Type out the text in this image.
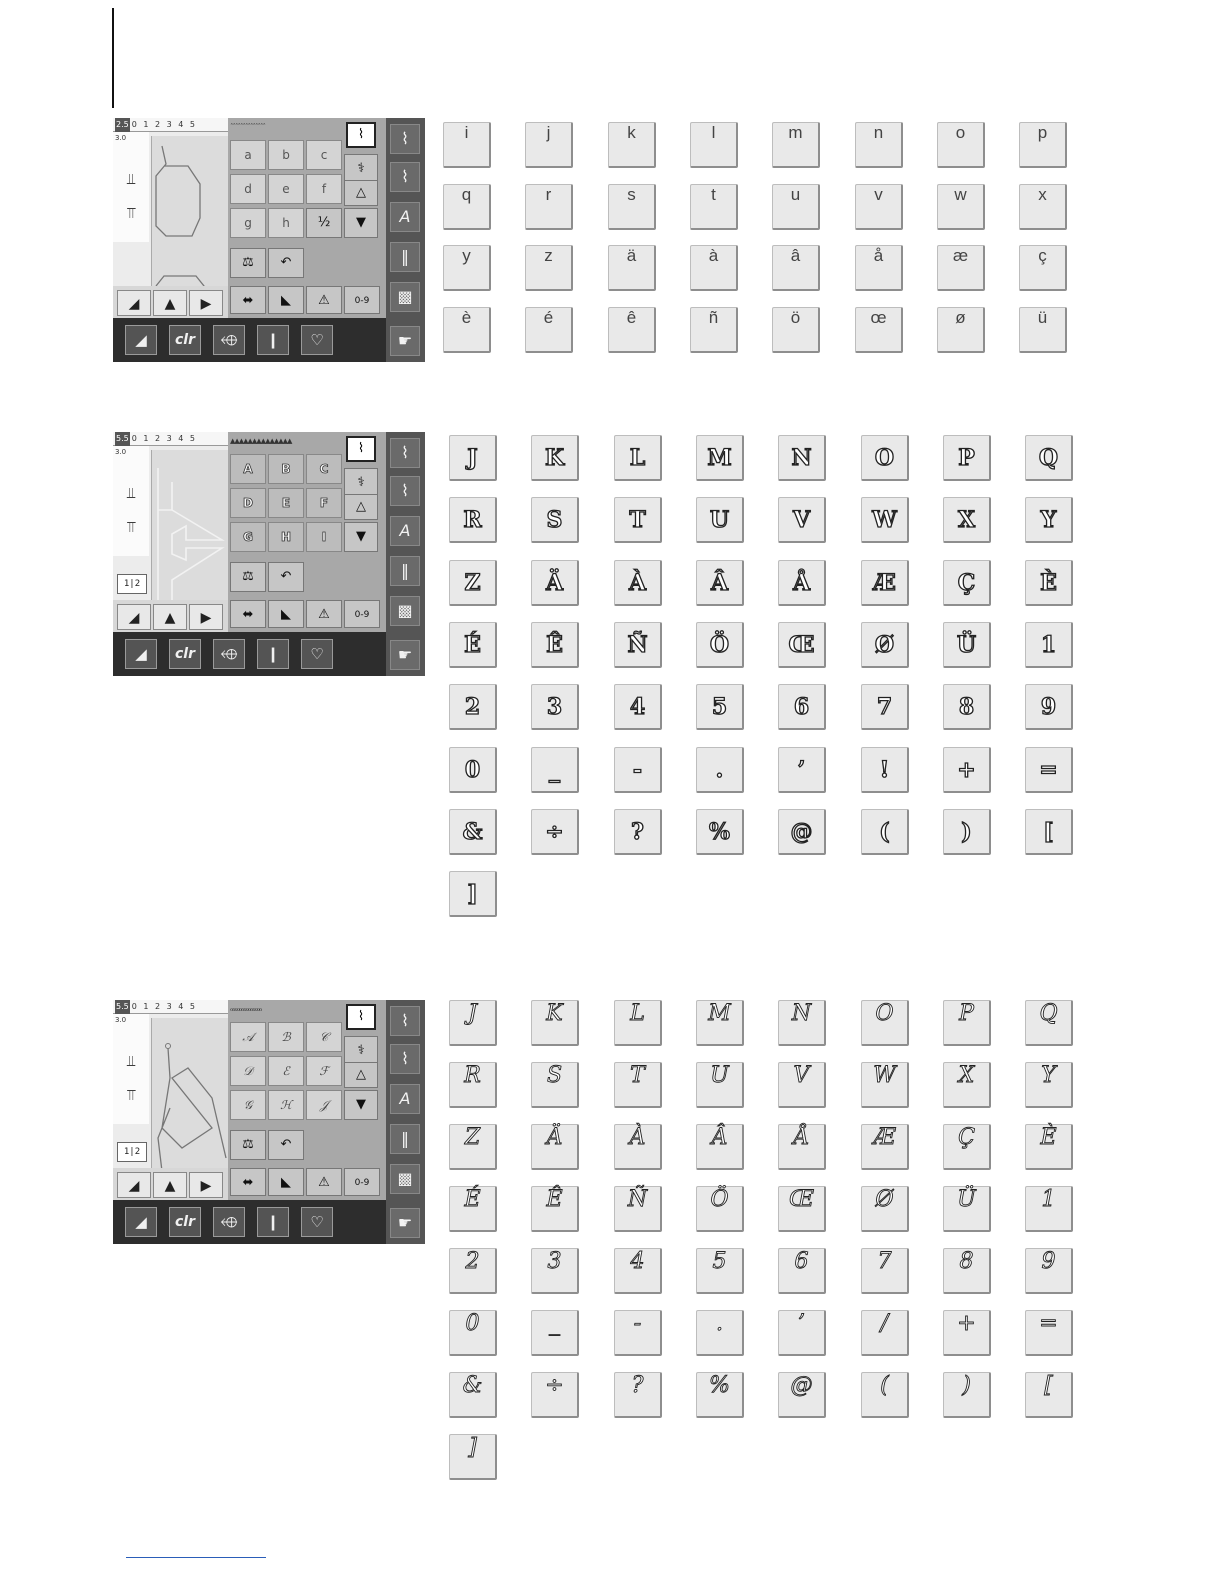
2.5 0 1 2 3 4 5
3.0
⫫
⫪
◢	▲	▶
ˆˆˆˆˆˆˆˆˆˆˆˆˆˆ
a	b	c
d	e	f
g	h	½
⌇
⚕
△
▼
⚖	↶
⬌	◣	⚠	0-9
⌇
⌇
A
‖
▩
☛
◢	clr	⬲	❙	♡
5.5 0 1 2 3 4 5
3.0
⫫
⫪
1|2
◢	▲	▶
▲▲▲▲▲▲▲▲▲▲▲▲▲▲
A	B	C
D	E	F
G	H	I
⌇
⚕
△
▼
⚖	↶
⬌	◣	⚠	0-9
⌇
⌇
A
‖
▩
☛
◢	clr	⬲	❙	♡
5.5 0 1 2 3 4 5
3.0
⫫
⫪
1|2
◢	▲	▶
ℴℴℴℴℴℴℴℴℴℴℴℴℴℴ
𝒜	ℬ	𝒞
𝒟	ℰ	ℱ
𝒢	ℋ	𝒥
⌇
⚕
△
▼
⚖	↶
⬌	◣	⚠	0-9
⌇
⌇
A
‖
▩
☛
◢	clr	⬲	❙	♡
i	j	k	l	m	n	o	p
q	r	s	t	u	v	w	x
y	z	ä	à	â	å	æ	ç
è	é	ê	ñ	ö	œ	ø	ü
J	K	L	M	N	O	P	Q
R	S	T	U	V	W	X	Y
Z	Ä	À	Â	Å	Æ	Ç	È
É	Ê	Ñ	Ö	Œ	Ø	Ü	1
2	3	4	5	6	7	8	9
0	_	-	.	’	!	+	=
&	÷	?	%	@	(	)	[
]
J	K	L	M	N	O	P	Q
R	S	T	U	V	W	X	Y
Z	Ä	À	Â	Å	Æ	Ç	È
É	Ê	Ñ	Ö	Œ	Ø	Ü	1
2	3	4	5	6	7	8	9
0	_	-	.	’	/	+	=
&	÷	?	%	@	(	)	[
]
